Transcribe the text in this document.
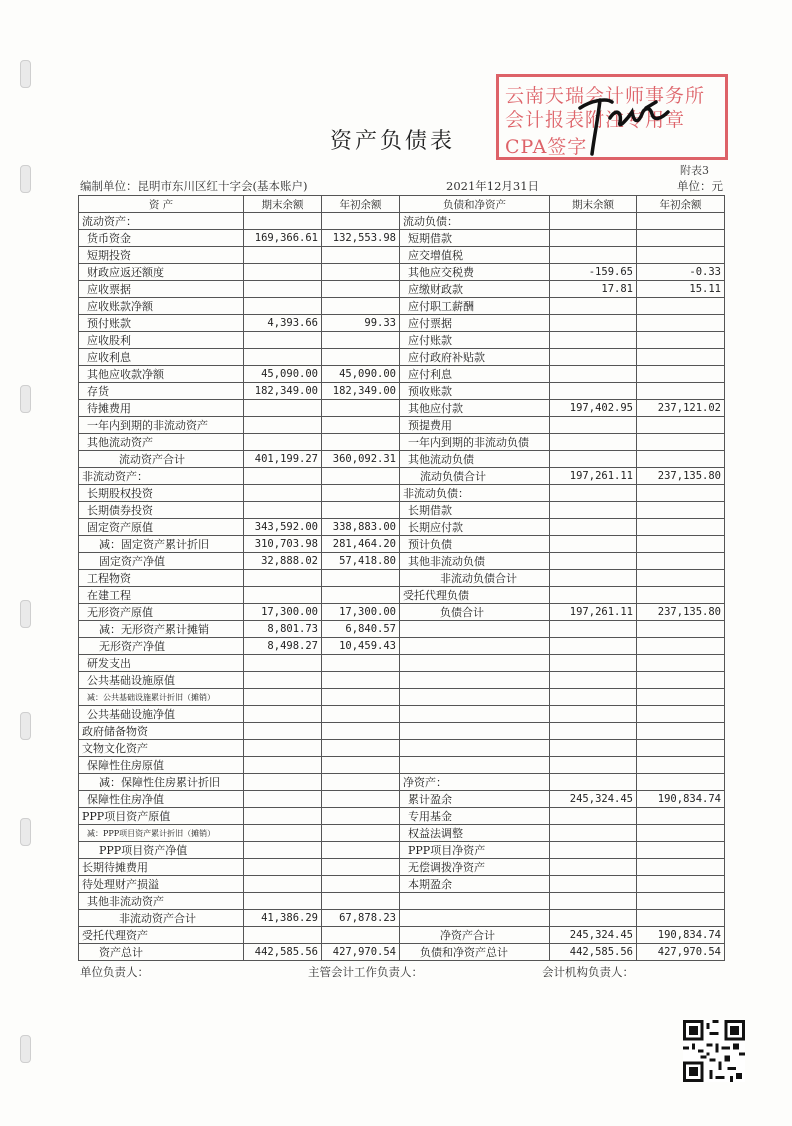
资产负债表
云南天瑞会计师事务所
会计报表附注专用章
CPA签字
附表3
编制单位：昆明市东川区红十字会(基本账户)	2021年12月31日	单位：元
资 产	期末余额	年初余额	负债和净资产	期末余额	年初余额
流动资产：			流动负债：		
货币资金	169,366.61	132,553.98	短期借款		
短期投资			应交增值税		
财政应返还额度			其他应交税费	-159.65	-0.33
应收票据			应缴财政款	17.81	15.11
应收账款净额			应付职工薪酬		
预付账款	4,393.66	99.33	应付票据		
应收股利			应付账款		
应收利息			应付政府补贴款		
其他应收款净额	45,090.00	45,090.00	应付利息		
存货	182,349.00	182,349.00	预收账款		
待摊费用			其他应付款	197,402.95	237,121.02
一年内到期的非流动资产			预提费用		
其他流动资产			一年内到期的非流动负债		
流动资产合计	401,199.27	360,092.31	其他流动负债		
非流动资产：			流动负债合计	197,261.11	237,135.80
长期股权投资			非流动负债：		
长期债券投资			长期借款		
固定资产原值	343,592.00	338,883.00	长期应付款		
减：固定资产累计折旧	310,703.98	281,464.20	预计负债		
固定资产净值	32,888.02	57,418.80	其他非流动负债		
工程物资			非流动负债合计		
在建工程			受托代理负债		
无形资产原值	17,300.00	17,300.00	负债合计	197,261.11	237,135.80
减：无形资产累计摊销	8,801.73	6,840.57			
无形资产净值	8,498.27	10,459.43			
研发支出					
公共基础设施原值					
减：公共基础设施累计折旧（摊销）					
公共基础设施净值					
政府储备物资					
文物文化资产					
保障性住房原值					
减：保障性住房累计折旧			净资产：		
保障性住房净值			累计盈余	245,324.45	190,834.74
PPP项目资产原值			专用基金		
减：PPP项目资产累计折旧（摊销）			权益法调整		
PPP项目资产净值			PPP项目净资产		
长期待摊费用			无偿调拨净资产		
待处理财产损溢			本期盈余		
其他非流动资产					
非流动资产合计	41,386.29	67,878.23			
受托代理资产			净资产合计	245,324.45	190,834.74
资产总计	442,585.56	427,970.54	负债和净资产总计	442,585.56	427,970.54
单位负责人：	主管会计工作负责人：	会计机构负责人：
